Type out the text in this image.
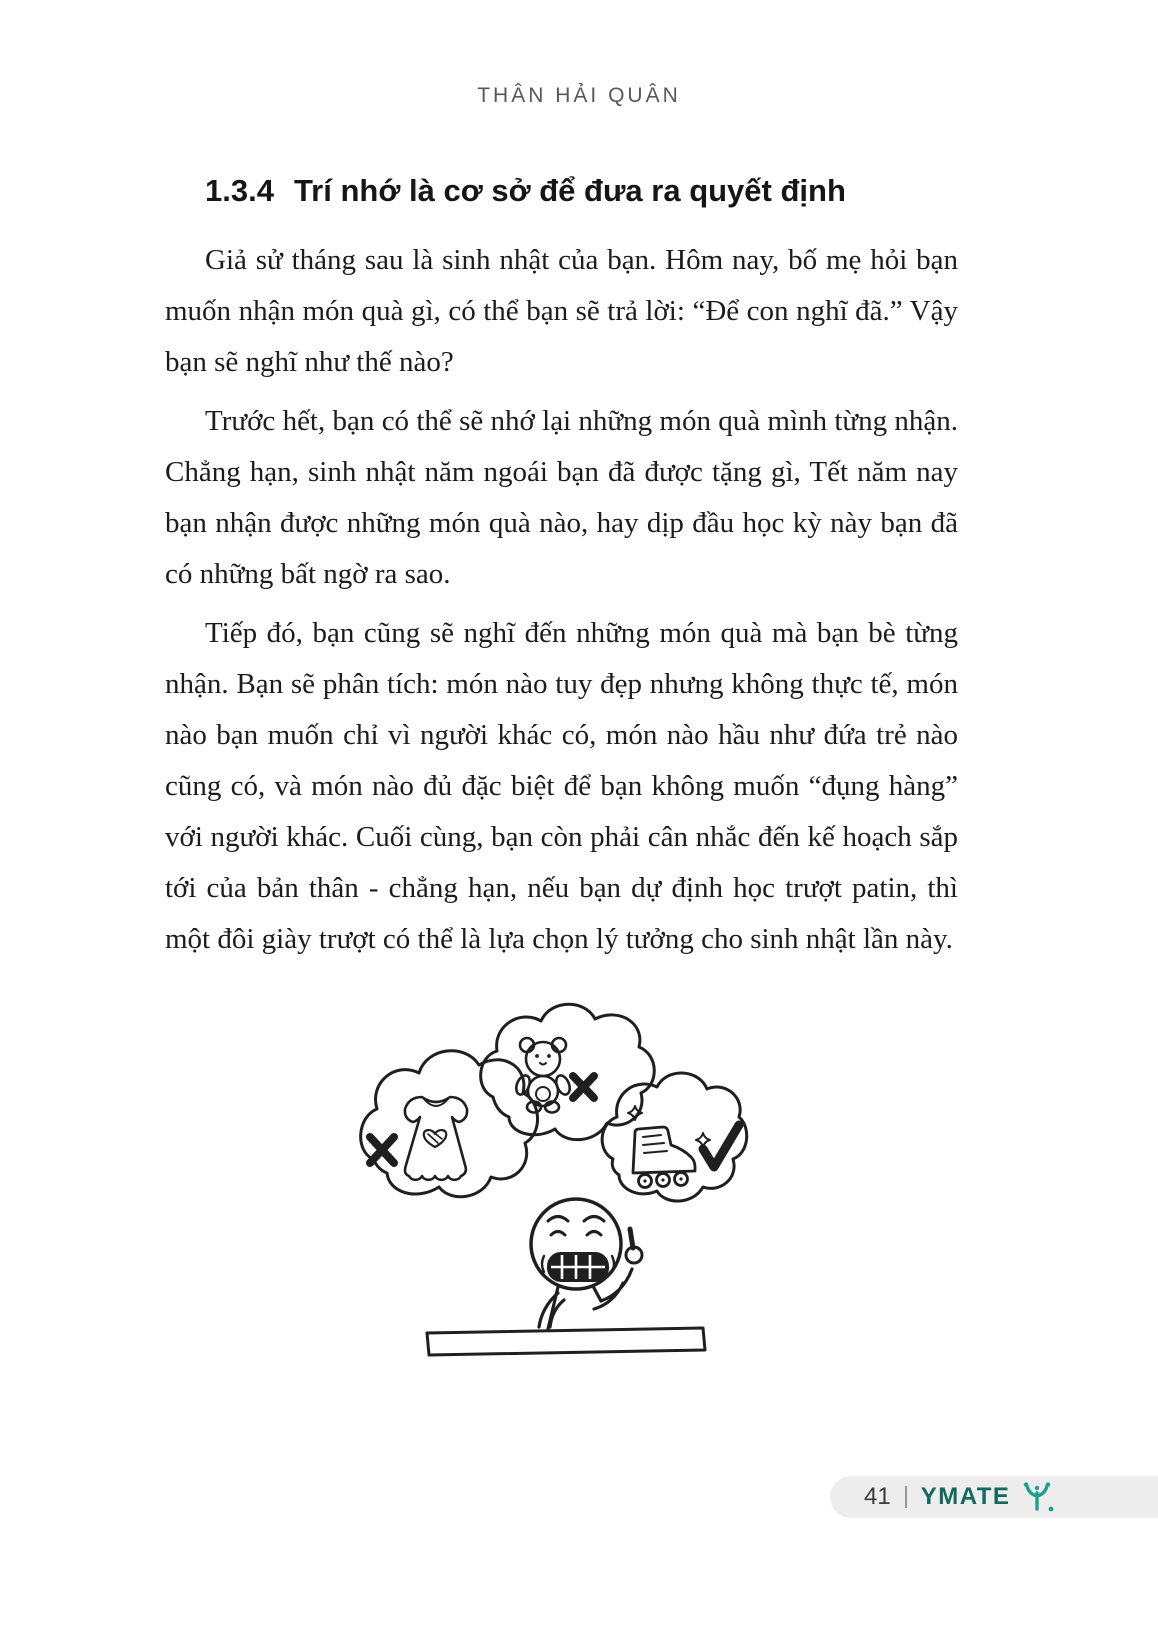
THÂN HẢI QUÂN
1.3.4 Trí nhớ là cơ sở để đưa ra quyết định

Giả sử tháng sau là sinh nhật của bạn. Hôm nay, bố mẹ hỏi bạn muốn nhận món quà gì, có thể bạn sẽ trả lời: “Để con nghĩ đã.” Vậy bạn sẽ nghĩ như thế nào?

Trước hết, bạn có thể sẽ nhớ lại những món quà mình từng nhận. Chẳng hạn, sinh nhật năm ngoái bạn đã được tặng gì, Tết năm nay bạn nhận được những món quà nào, hay dịp đầu học kỳ này bạn đã có những bất ngờ ra sao.

Tiếp đó, bạn cũng sẽ nghĩ đến những món quà mà bạn bè từng nhận. Bạn sẽ phân tích: món nào tuy đẹp nhưng không thực tế, món nào bạn muốn chỉ vì người khác có, món nào hầu như đứa trẻ nào cũng có, và món nào đủ đặc biệt để bạn không muốn “đụng hàng” với người khác. Cuối cùng, bạn còn phải cân nhắc đến kế hoạch sắp tới của bản thân - chẳng hạn, nếu bạn dự định học trượt patin, thì một đôi giày trượt có thể là lựa chọn lý tưởng cho sinh nhật lần này.

41 YMATE
